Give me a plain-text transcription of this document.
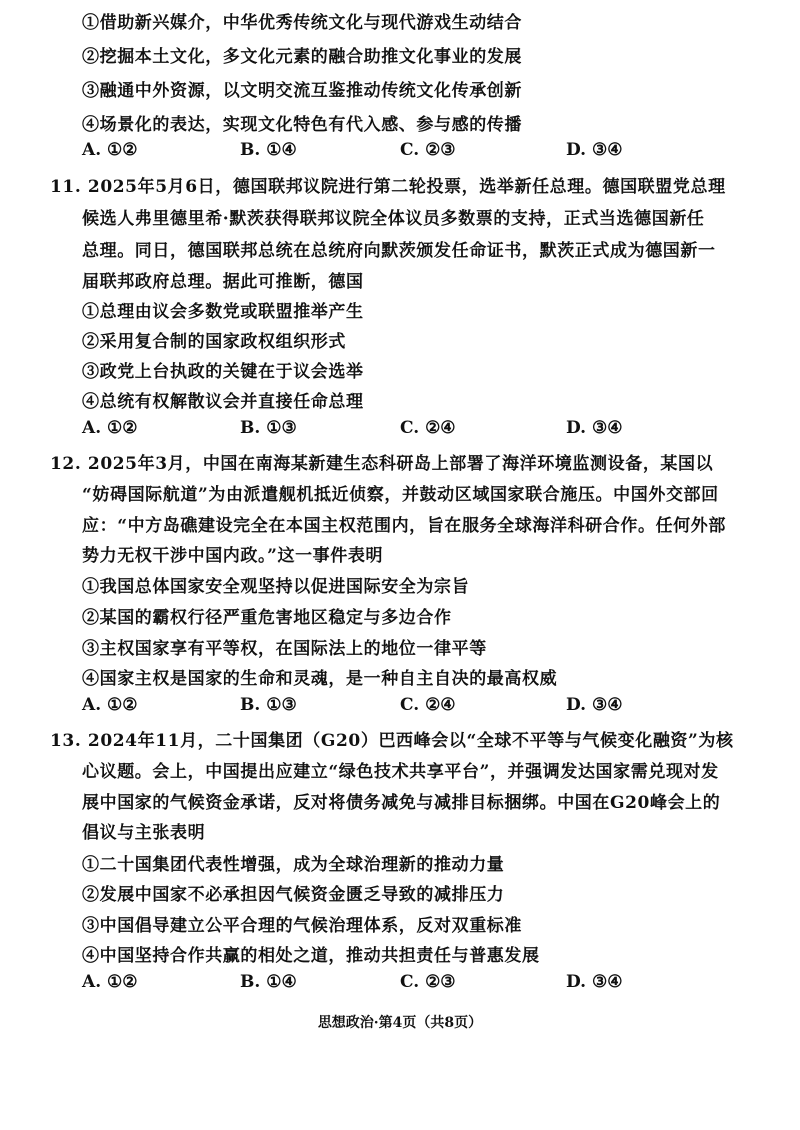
①借助新兴媒介，中华优秀传统文化与现代游戏生动结合
②挖掘本土文化，多文化元素的融合助推文化事业的发展
③融通中外资源，以文明交流互鉴推动传统文化传承创新
④场景化的表达，实现文化特色有代入感、参与感的传播
A. ①②	B. ①④	C. ②③	D. ③④
11. 2025年5月6日，德国联邦议院进行第二轮投票，选举新任总理。德国联盟党总理
候选人弗里德里希·默茨获得联邦议院全体议员多数票的支持，正式当选德国新任
总理。同日，德国联邦总统在总统府向默茨颁发任命证书，默茨正式成为德国新一
届联邦政府总理。据此可推断，德国
①总理由议会多数党或联盟推举产生
②采用复合制的国家政权组织形式
③政党上台执政的关键在于议会选举
④总统有权解散议会并直接任命总理
A. ①②	B. ①③	C. ②④	D. ③④
12. 2025年3月，中国在南海某新建生态科研岛上部署了海洋环境监测设备，某国以
“妨碍国际航道”为由派遣舰机抵近侦察，并鼓动区域国家联合施压。中国外交部回
应：“中方岛礁建设完全在本国主权范围内，旨在服务全球海洋科研合作。任何外部
势力无权干涉中国内政。”这一事件表明
①我国总体国家安全观坚持以促进国际安全为宗旨
②某国的霸权行径严重危害地区稳定与多边合作
③主权国家享有平等权，在国际法上的地位一律平等
④国家主权是国家的生命和灵魂，是一种自主自决的最高权威
A. ①②	B. ①③	C. ②④	D. ③④
13. 2024年11月，二十国集团（G20）巴西峰会以“全球不平等与气候变化融资”为核
心议题。会上，中国提出应建立“绿色技术共享平台”，并强调发达国家需兑现对发
展中国家的气候资金承诺，反对将债务减免与减排目标捆绑。中国在G20峰会上的
倡议与主张表明
①二十国集团代表性增强，成为全球治理新的推动力量
②发展中国家不必承担因气候资金匮乏导致的减排压力
③中国倡导建立公平合理的气候治理体系，反对双重标准
④中国坚持合作共赢的相处之道，推动共担责任与普惠发展
A. ①②	B. ①④	C. ②③	D. ③④
思想政治·第4页（共8页）
